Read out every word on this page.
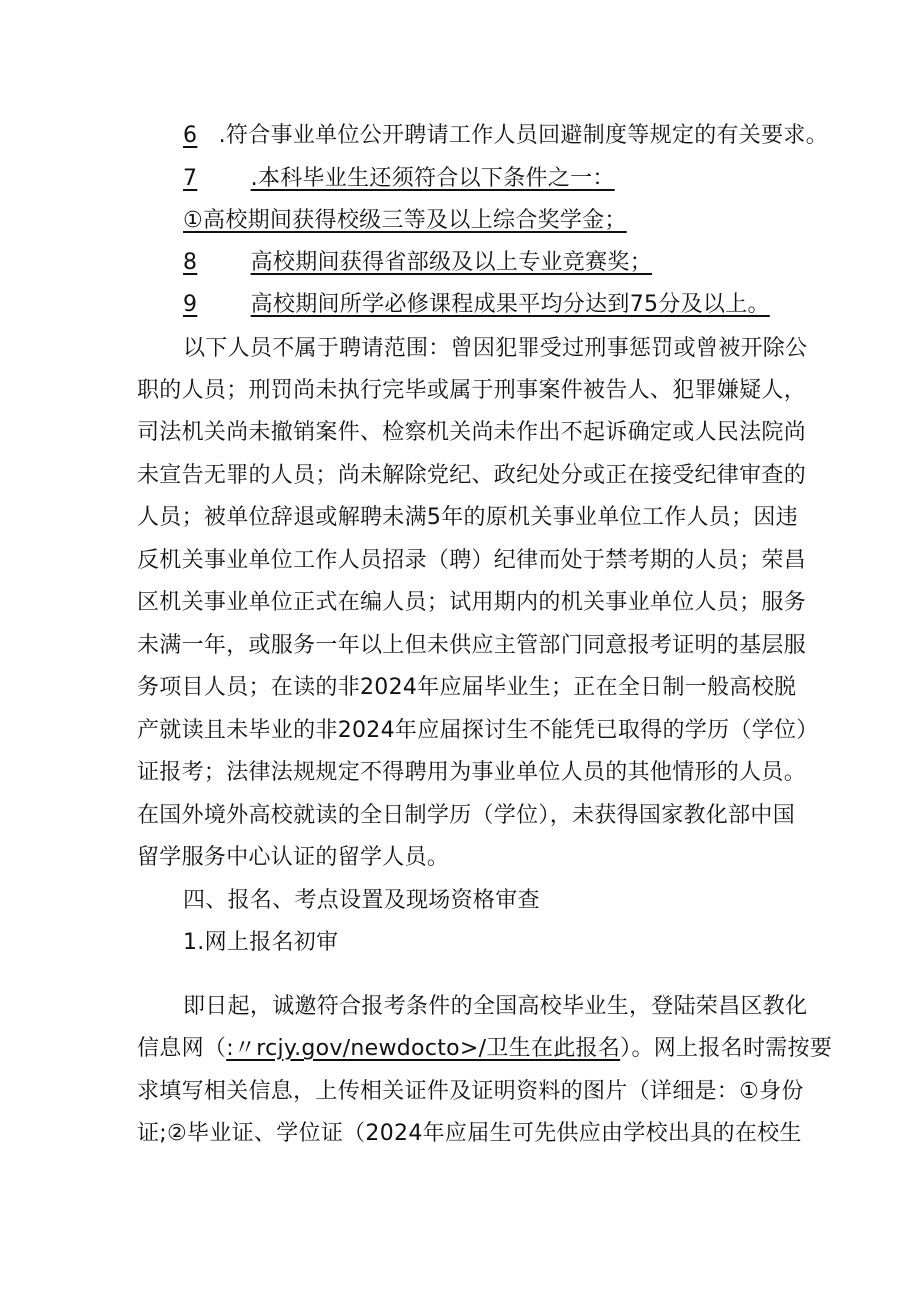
6 .符合事业单位公开聘请工作人员回避制度等规定的有关要求。
7 .本科毕业生还须符合以下条件之一：
①高校期间获得校级三等及以上综合奖学金；
8 高校期间获得省部级及以上专业竞赛奖；
9 高校期间所学必修课程成果平均分达到75分及以上。
以下人员不属于聘请范围：曾因犯罪受过刑事惩罚或曾被开除公
职的人员；刑罚尚未执行完毕或属于刑事案件被告人、犯罪嫌疑人，
司法机关尚未撤销案件、检察机关尚未作出不起诉确定或人民法院尚
未宣告无罪的人员；尚未解除党纪、政纪处分或正在接受纪律审查的
人员；被单位辞退或解聘未满5年的原机关事业单位工作人员；因违
反机关事业单位工作人员招录（聘）纪律而处于禁考期的人员；荣昌
区机关事业单位正式在编人员；试用期内的机关事业单位人员；服务
未满一年，或服务一年以上但未供应主管部门同意报考证明的基层服
务项目人员；在读的非2024年应届毕业生；正在全日制一般高校脱
产就读且未毕业的非2024年应届探讨生不能凭已取得的学历（学位）
证报考；法律法规规定不得聘用为事业单位人员的其他情形的人员。
在国外境外高校就读的全日制学历（学位），未获得国家教化部中国
留学服务中心认证的留学人员。
四、报名、考点设置及现场资格审查
1.网上报名初审
即日起，诚邀符合报考条件的全国高校毕业生，登陆荣昌区教化
信息网（:〃rcjy.gov∕newdocto>∕卫生在此报名）。网上报名时需按要
求填写相关信息，上传相关证件及证明资料的图片（详细是：①身份
证;②毕业证、学位证（2024年应届生可先供应由学校出具的在校生
